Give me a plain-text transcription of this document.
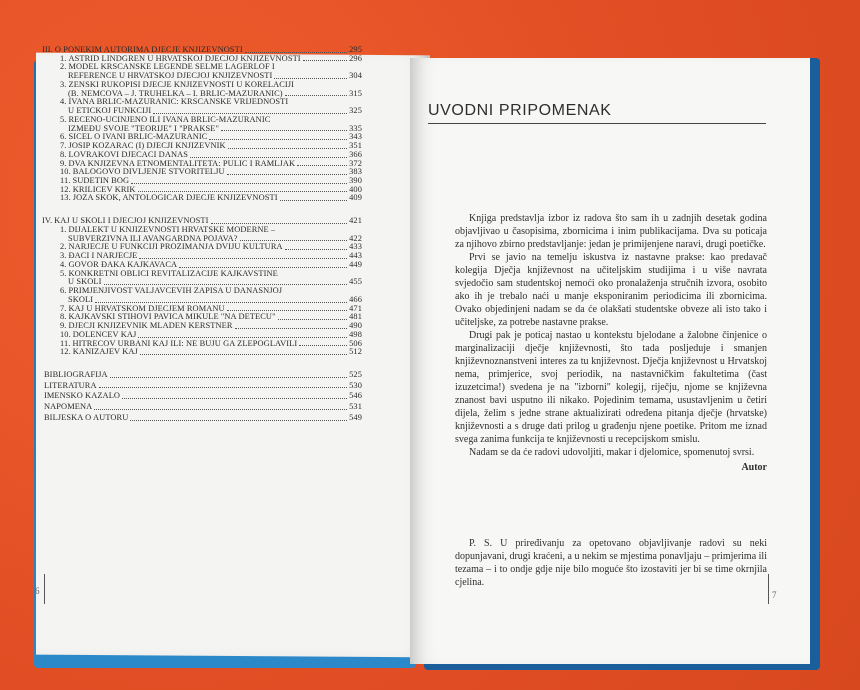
III. O PONEKIM AUTORIMA DJEČJE KNJIŽEVNOSTI	295
1. ASTRID LINDGREN U HRVATSKOJ DJEČJOJ KNJIŽEVNOSTI	296
2. MODEL KRŠĆANSKE LEGENDE SELME LAGERLÖF I
REFERENCE U HRVATSKOJ DJEČJOJ KNJIŽEVNOSTI	304
3. ŽENSKI RUKOPISI DJEČJE KNJIŽEVNOSTI U KORELACIJI
(B. NĚMCOVA – J. TRUHELKA – I. BRLIĆ-MAŽURANIĆ)	315
4. IVANA BRLIĆ-MAŽURANIĆ: KRŠĆANSKE VRIJEDNOSTI
U ETIČKOJ FUNKCIJI	325
5. REČENO-UČINJENO ILI IVANA BRLIĆ-MAŽURANIĆ
IZMEĐU SVOJE "TEORIJE" I "PRAKSE"	335
6. ŠICEL O IVANI BRLIĆ-MAŽURANIĆ	343
7. JOSIP KOZARAC (I) DJEČJI KNJIŽEVNIK	351
8. LOVRAKOVI DJEČACI DANAS	366
9. DVA KNJIŽEVNA ETNOMENTALITETA: PULIĆ I RAMLJAK	372
10. BALOGOVO DIVLJENJE STVORITELJU	383
11. SUDĚTIN BOG	390
12. KRILIČEV KRIK	400
13. JOŽA SKOK, ANTOLOGIČAR DJEČJE KNJIŽEVNOSTI	409
IV. KAJ U ŠKOLI I DJEČJOJ KNJIŽEVNOSTI	421
1. DIJALEKT U KNJIŽEVNOSTI HRVATSKE MODERNE –
SUBVERZIVNA ILI AVANGARDNA POJAVA?	422
2. NARJEČJE U FUNKCIJI PROŽIMANJA DVIJU KULTURA	433
3. ĐACI I NARJEČJE	443
4. GOVOR ĐAKA KAJKAVACA	449
5. KONKRETNI OBLICI REVITALIZACIJE KAJKAVŠTINE
U ŠKOLI	455
6. PRIMJENJIVOST VALJAVČEVIH ZAPISA U DANAŠNJOJ
ŠKOLI	466
7. KAJ U HRVATSKOM DJEČJEM ROMANU	471
8. KAJKAVSKI STIHOVI PAVIĆA MIKULE "NA DETEČU"	481
9. DJEČJI KNJIŽEVNIK MLADEN KERSTNER	490
10. DOLENČEV KAJ	498
11. HITRECOV URBANI KAJ ILI: NE BUJU GA ZLEPOGLAVILI	506
12. KANIŽAJEV KAJ	512
BIBLIOGRAFIJA	525
LITERATURA	530
IMENSKO KAZALO	546
NAPOMENA	531
BILJEŠKA O AUTORU	549
6
UVODNI PRIPOMENAK

Knjiga predstavlja izbor iz radova što sam ih u zadnjih desetak godina objavljivao u časopisima, zbornicima i inim publikacijama. Dva su poticaja za njihovo zbirno predstavljanje: jedan je primijenjene naravi, drugi poetičke.

Prvi se javio na temelju iskustva iz nastavne prakse: kao predavač kolegija Dječja književnost na učiteljskim studijima i u više navrata svjedočio sam studentskoj nemoći oko pronalaženja stručnih izvora, osobito ako ih je trebalo naći u manje eksponiranim periodicima ili zbornicima. Ovako objedinjeni nadam se da će olakšati studentske obveze ali isto tako i učiteljske, za potrebe nastavne prakse.

Drugi pak je poticaj nastao u kontekstu bjelodane a žalobne činjenice o marginalizaciji dječje književnosti, što tada posljeduje i smanjen književnoznanstveni interes za tu književnost. Dječja književnost u Hrvatskoj nema, primjerice, svoj periodik, na nastavničkim fakultetima (čast izuzetcima!) svedena je na "izborni" kolegij, riječju, njome se književna znanost bavi usputno ili nikako. Pojedinim temama, usustavljenim u četiri dijela, želim s jedne strane aktualizirati određena pitanja dječje (hrvatske) književnosti a s druge dati prilog u građenju njene poetike. Pritom me iznad svega zanima funkcija te književnosti u recepcijskom smislu.

Nadam se da će radovi udovoljiti, makar i djelomice, spomenutoj svrsi.

Autor

P. S. U priređivanju za opetovano objavljivanje radovi su neki dopunjavani, drugi kraćeni, a u nekim se mjestima ponavljaju – primjerima ili tezama – i to ondje gdje nije bilo moguće što izostaviti jer bi se time okrnjila cjelina.
7
